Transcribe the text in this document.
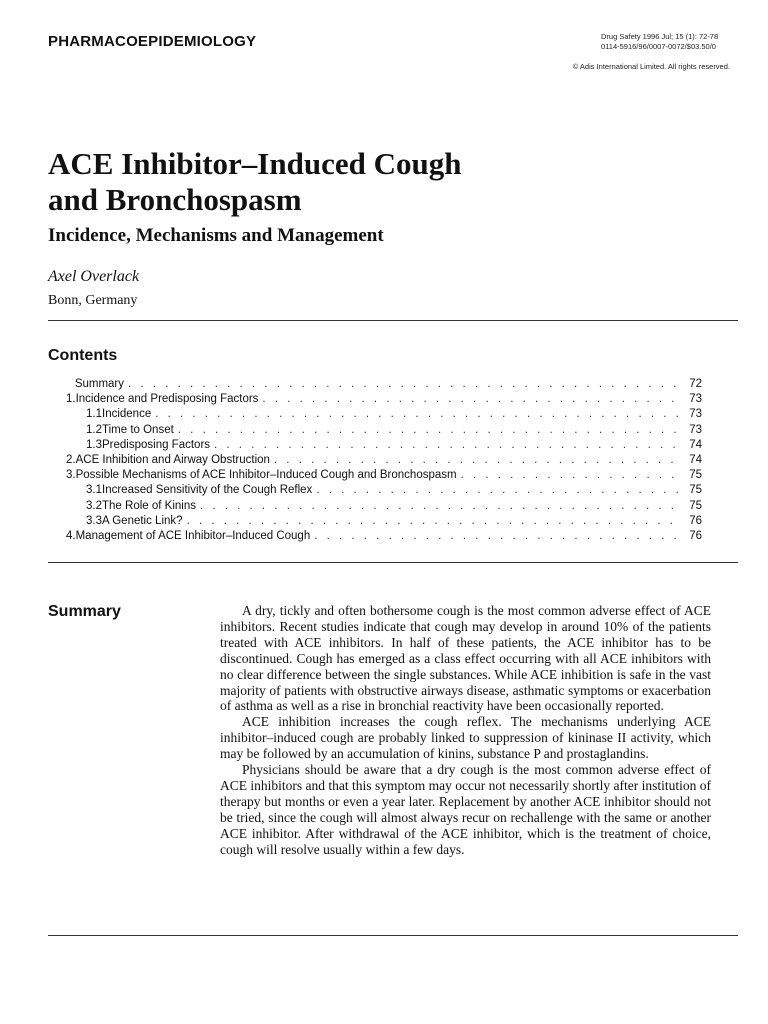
PHARMACOEPIDEMIOLOGY	Drug Safety 1996 Jul; 15 (1): 72-78
0114-5916/96/0007-0072/$03.50/0
© Adis International Limited. All rights reserved.
ACE Inhibitor–Induced Cough
and Bronchospasm
Incidence, Mechanisms and Management
Axel Overlack
Bonn, Germany
Contents
Summary . . .	72
1. Incidence and Predisposing Factors . . .	73
1.1 Incidence . . .	73
1.2 Time to Onset . . .	73
1.3 Predisposing Factors . . .	74
2. ACE Inhibition and Airway Obstruction . . .	74
3. Possible Mechanisms of ACE Inhibitor–Induced Cough and Bronchospasm . . .	75
3.1 Increased Sensitivity of the Cough Reflex . . .	75
3.2 The Role of Kinins . . .	75
3.3 A Genetic Link? . . .	76
4. Management of ACE Inhibitor–Induced Cough . . .	76
Summary	A dry, tickly and often bothersome cough is the most common adverse effect of ACE inhibitors. Recent studies indicate that cough may develop in around 10% of the patients treated with ACE inhibitors. In half of these patients, the ACE inhibitor has to be discontinued. Cough has emerged as a class effect occurring with all ACE inhibitors with no clear difference between the single substances. While ACE inhibition is safe in the vast majority of patients with obstructive airways disease, asthmatic symptoms or exacerbation of asthma as well as a rise in bronchial reactivity have been occasionally reported.

ACE inhibition increases the cough reflex. The mechanisms underlying ACE inhibitor–induced cough are probably linked to suppression of kininase II activity, which may be followed by an accumulation of kinins, substance P and prostaglandins.

Physicians should be aware that a dry cough is the most common adverse effect of ACE inhibitors and that this symptom may occur not necessarily shortly after institution of therapy but months or even a year later. Replacement by another ACE inhibitor should not be tried, since the cough will almost always recur on rechallenge with the same or another ACE inhibitor. After withdrawal of the ACE inhibitor, which is the treatment of choice, cough will resolve usually within a few days.
